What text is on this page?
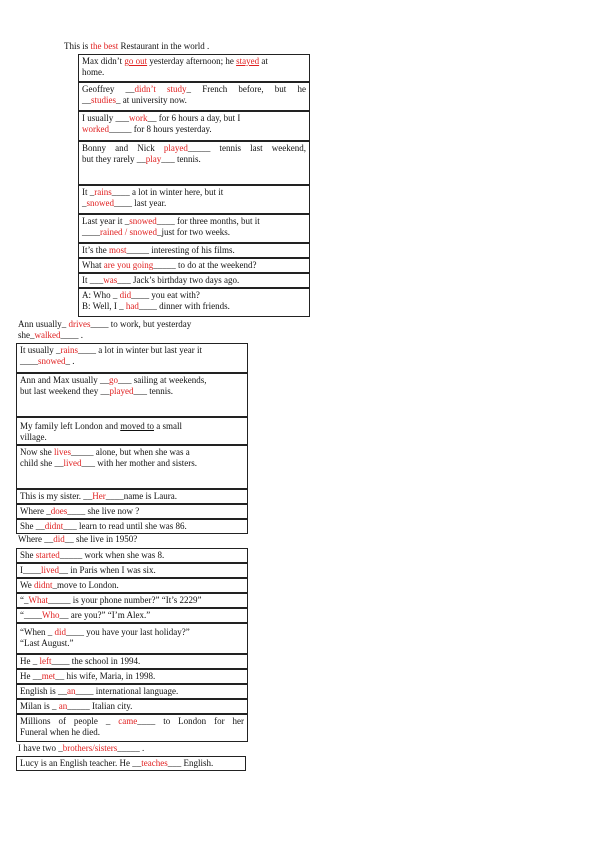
This is the best Restaurant in the world .
Max didn’t go out yesterday afternoon; he stayed at
home.
Geoffrey __didn’t study_ French before, but he
__studies_ at university now.
I usually ___work__ for 6 hours a day, but I
worked_____ for 8 hours yesterday.
Bonny and Nick played_____ tennis last weekend,
but they rarely __play___ tennis.
It _rains____ a lot in winter here, but it
_snowed____ last year.
Last year it _snowed____ for three months, but it
____rained / snowed_just for two weeks.
It’s the most_____ interesting of his films.
What are you going_____ to do at the weekend?
It ___was___ Jack’s birthday two days ago.
A: Who _ did____ you eat with?
B: Well, I _ had____ dinner with friends.
Ann usually_ drives____ to work, but yesterday
she_walked____ .
It usually _rains____ a lot in winter but last year it
____snowed_ .
Ann and Max usually __go___ sailing at weekends,
but last weekend they __played___ tennis.
My family left London and moved to a small
village.
Now she lives_____ alone, but when she was a
child she __lived___ with her mother and sisters.
This is my sister. __Her____name is Laura.
Where _does____ she live now ?
She __didnt___ learn to read until she was 86.
Where __did__ she live in 1950?
She started_____ work when she was 8.
I____lived__ in Paris when I was six.
We didnt_move to London.
“_What_____ is your phone number?” “It’s 2229”
“____Who__ are you?” “I’m Alex.”
“When _ did____ you have your last holiday?”
“Last August.”
He _ left____ the school in 1994.
He __met__ his wife, Maria, in 1998.
English is __an____ international language.
Milan is _ an_____ Italian city.
Millions of people _ came____ to London for her
Funeral when he died.
I have two _brothers/sisters_____ .
Lucy is an English teacher. He __teaches___ English.
